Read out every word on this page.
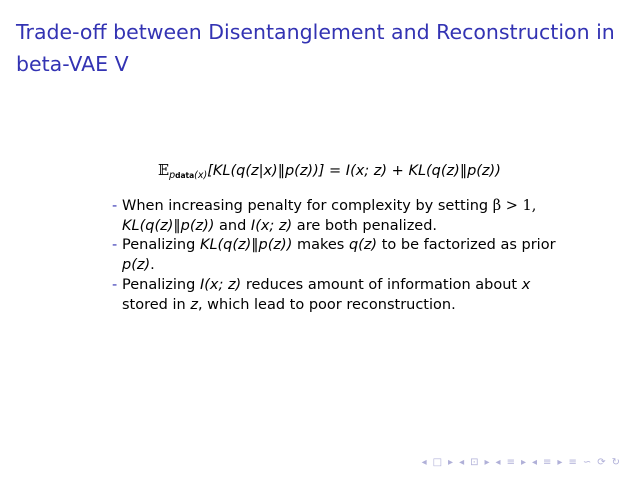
Trade-off between Disentanglement and Reconstruction in
beta-VAE V
𝔼$_{pdata(x)}$[KL(q(z|x)‖p(z))] = I(x; z) + KL(q(z)‖p(z))
- When increasing penalty for complexity by setting β > 1,
KL(q(z)‖p(z)) and I(x; z) are both penalized.
- Penalizing KL(q(z)‖p(z)) makes q(z) to be factorized as prior
p(z).
- Penalizing I(x; z) reduces amount of information about x
stored in z, which lead to poor reconstruction.
◂ □ ▸ ◂ ⊡ ▸ ◂ ≡ ▸ ◂ ≡ ▸ ≡ ∽ ⟳ ↻
